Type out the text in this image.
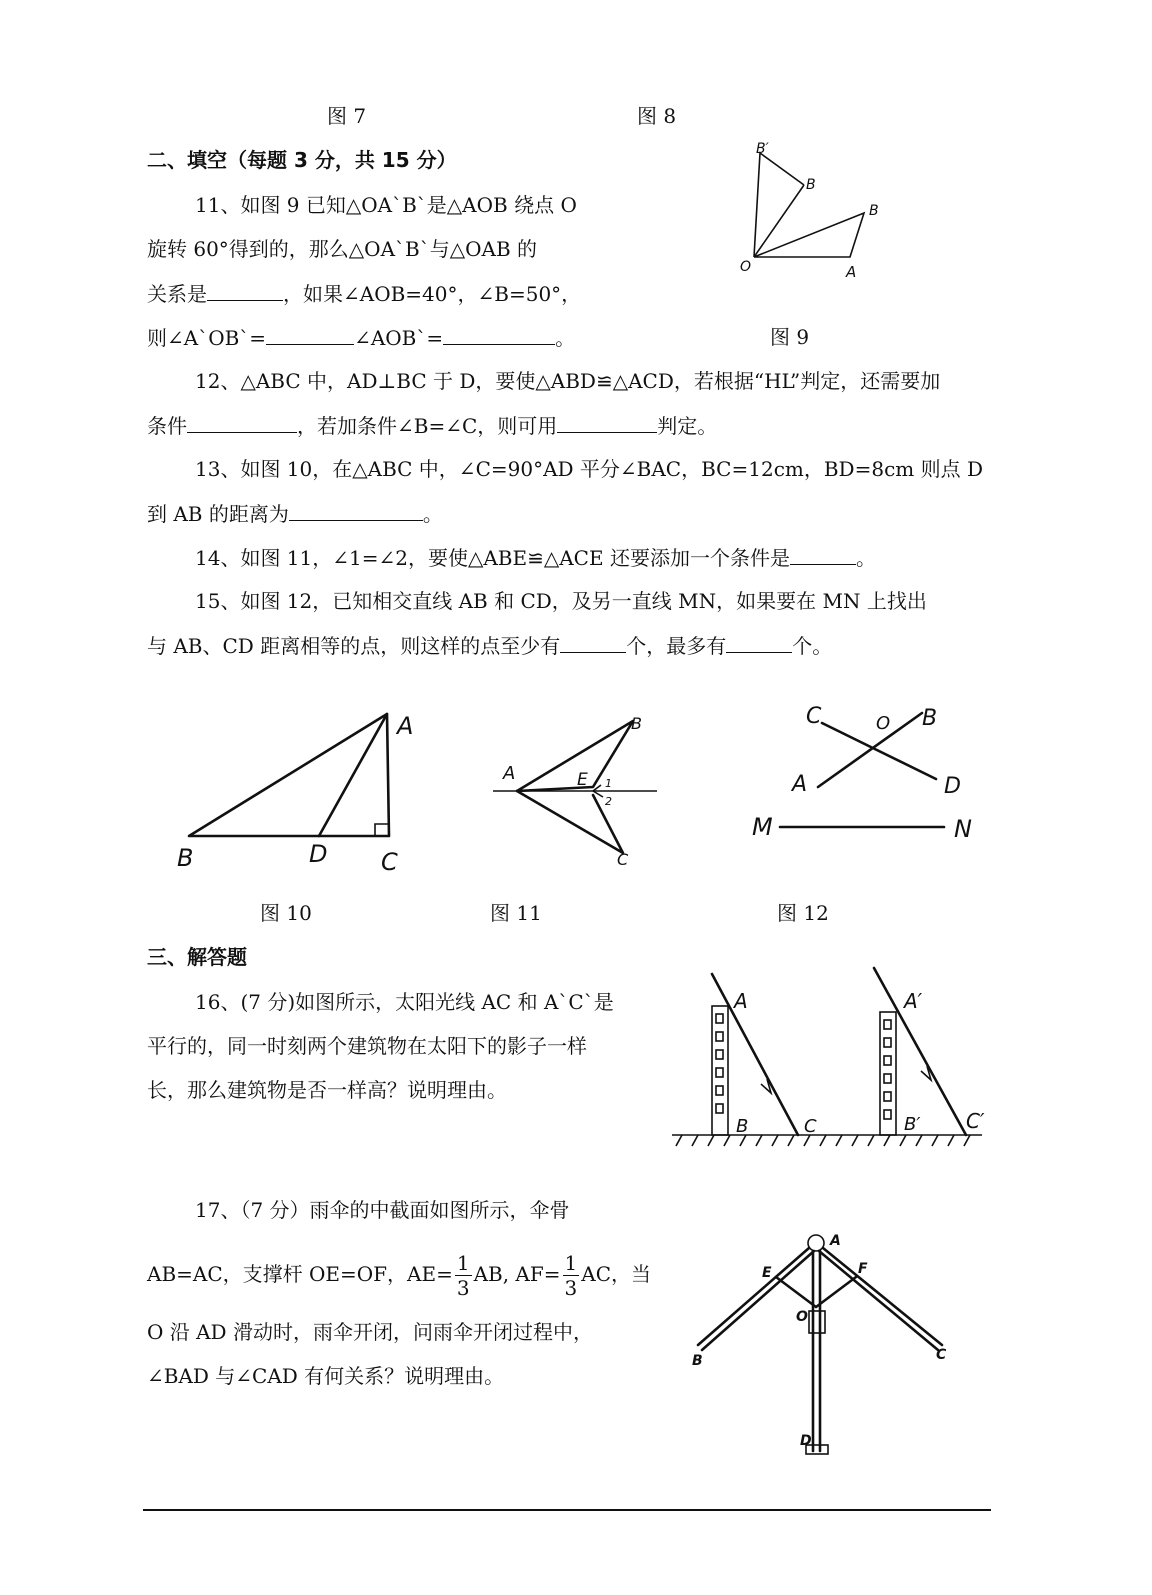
图 7	图 8
二、填空（每题 3 分，共 15 分）
11、如图 9 已知△OA`B`是△AOB 绕点 O
旋转 60°得到的，那么△OA`B`与△OAB 的
关系是	，如果∠AOB=40°，∠B=50°，
则∠A`OB`=	∠AOB`=	。
B′
B
B
O	A
图 9
12、△ABC 中，AD⊥BC 于 D，要使△ABD≌△ACD，若根据“HL”判定，还需要加
条件	，若加条件∠B=∠C，则可用	判定。
13、如图 10，在△ABC 中，∠C=90°AD 平分∠BAC，BC=12cm，BD=8cm 则点 D
到 AB 的距离为	。
14、如图 11，∠1=∠2，要使△ABE≌△ACE 还要添加一个条件是	。
15、如图 12，已知相交直线 AB 和 CD，及另一直线 MN，如果要在 MN 上找出
与 AB、CD 距离相等的点，则这样的点至少有	个，最多有	个。
A
B	D C
A
B
E 1
2
C
C	O B
A	D
M	N
图 10	图 11	图 12
三、解答题
16、(7 分)如图所示，太阳光线 AC 和 A`C`是
平行的，同一时刻两个建筑物在太阳下的影子一样
长，那么建筑物是否一样高？说明理由。
A
B	C
A′
B′ C′
17、（7 分）雨伞的中截面如图所示，伞骨
AB=AC，支撑杆 OE=OF，$AE= \frac{1}{3}$ AB, $AF= \frac{1}{3}$ AC，当
O 沿 AD 滑动时，雨伞开闭，问雨伞开闭过程中，
∠BAD 与∠CAD 有何关系？说明理由。
A
E	F
O
B	C
D
